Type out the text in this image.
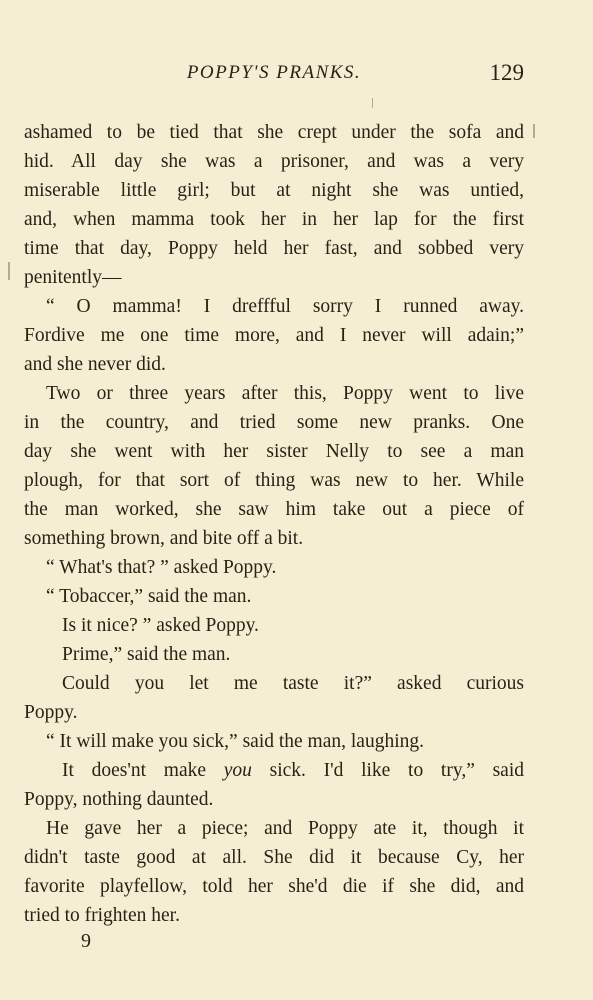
POPPY'S PRANKS.	129
ashamed to be tied that she crept under the sofa and
hid. All day she was a prisoner, and was a very
miserable little girl; but at night she was untied,
and, when mamma took her in her lap for the first
time that day, Poppy held her fast, and sobbed very
penitently—
“ O mamma! I dreffful sorry I runned away.
Fordive me one time more, and I never will adain;”
and she never did.
Two or three years after this, Poppy went to live
in the country, and tried some new pranks. One
day she went with her sister Nelly to see a man
plough, for that sort of thing was new to her. While
the man worked, she saw him take out a piece of
something brown, and bite off a bit.
“ What's that? ” asked Poppy.
“ Tobaccer,” said the man.
Is it nice? ” asked Poppy.
Prime,” said the man.
Could you let me taste it?” asked curious
Poppy.
“ It will make you sick,” said the man, laughing.
It does'nt make you sick. I'd like to try,” said
Poppy, nothing daunted.
He gave her a piece; and Poppy ate it, though it
didn't taste good at all. She did it because Cy, her
favorite playfellow, told her she'd die if she did, and
tried to frighten her.
9
